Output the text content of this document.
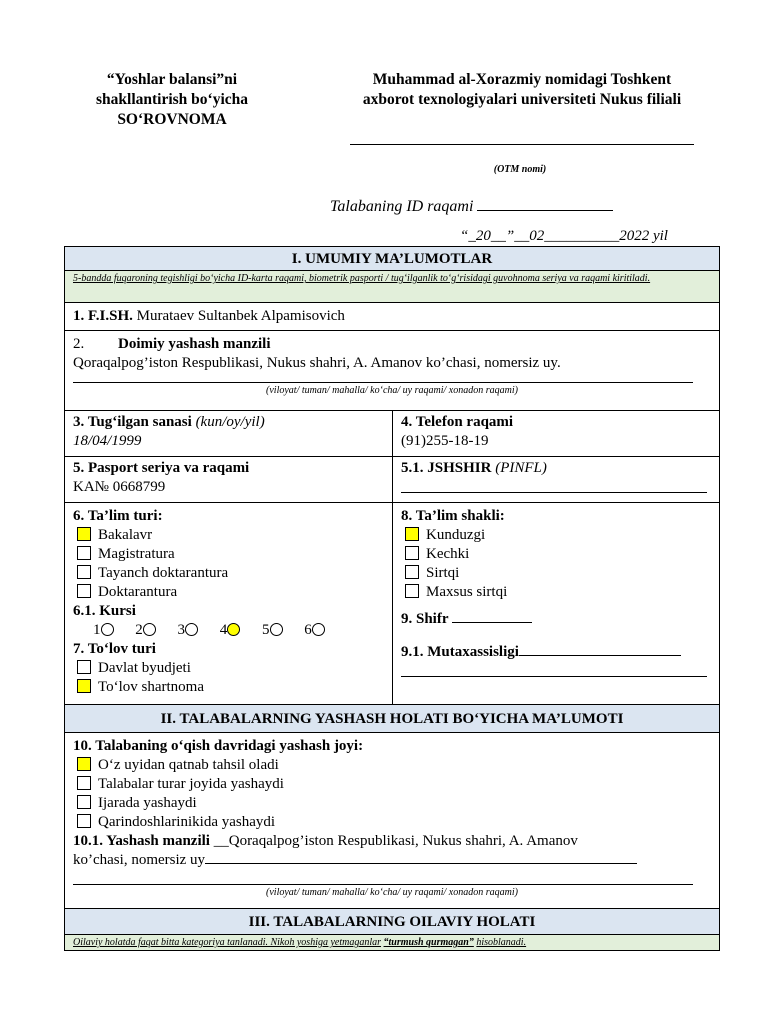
“Yoshlar balansi”ni
shakllantirish bo‘yicha
SO‘ROVNOMA
Muhammad al-Xorazmiy nomidagi Toshkent
axborot texnologiyalari universiteti Nukus filiali
(OTM nomi)
Talabaning ID raqami
“_20__”__02__________2022 yil
I. UMUMIY MA’LUMOTLAR
5-bandda fuqaroning tegishligi bo‘yicha ID-karta raqami, biometrik pasporti / tug‘ilganlik to‘g‘risidagi guvohnoma seriya va raqami kiritiladi.
1. F.I.SH. Murataev Sultanbek Alpamisovich
2. Doimiy yashash manzili
Qoraqalpog’iston Respublikasi, Nukus shahri, A. Amanov ko’chasi, nomersiz uy.
(viloyat/ tuman/ mahalla/ ko‘cha/ uy raqami/ xonadon raqami)
3. Tug‘ilgan sanasi (kun/oy/yil)
18/04/1999
4. Telefon raqami
(91)255-18-19
5. Pasport seriya va raqami
KA№ 0668799
5.1. JSHSHIR (PINFL)
6. Ta’lim turi:
Bakalavr
Magistratura
Tayanch doktarantura
Doktarantura
6.1. Kursi
1 2 3 4 5 6
7. To‘lov turi
Davlat byudjeti
To‘lov shartnoma
8. Ta’lim shakli:
Kunduzgi
Kechki
Sirtqi
Maxsus sirtqi
9. Shifr
9.1. Mutaxassisligi
II. TALABALARNING YASHASH HOLATI BO‘YICHA MA’LUMOTI
10. Talabaning o‘qish davridagi yashash joyi:
O‘z uyidan qatnab tahsil oladi
Talabalar turar joyida yashaydi
Ijarada yashaydi
Qarindoshlarinikida yashaydi
10.1. Yashash manzili __Qoraqalpog’iston Respublikasi, Nukus shahri, A. Amanov
ko’chasi, nomersiz uy
(viloyat/ tuman/ mahalla/ ko‘cha/ uy raqami/ xonadon raqami)
III. TALABALARNING OILAVIY HOLATI
Oilaviy holatda faqat bitta kategoriya tanlanadi. Nikoh yoshiga yetmaganlar “turmush qurmagan” hisoblanadi.
